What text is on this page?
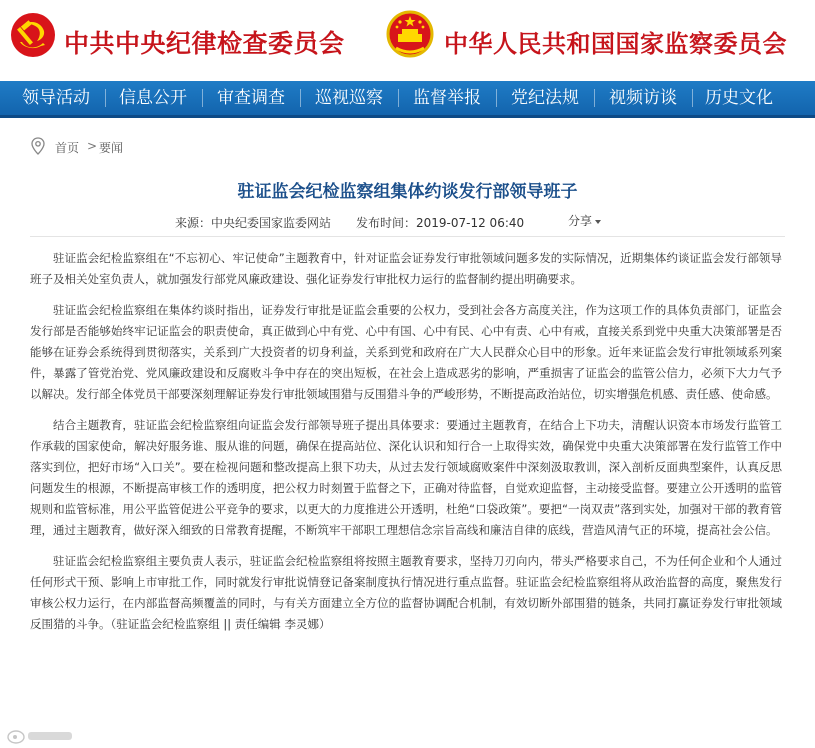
中共中央纪律检查委员会	中华人民共和国国家监察委员会
领导活动 信息公开 审查调查 巡视巡察 监督举报 党纪法规 视频访谈 历史文化
首页 > 要闻
驻证监会纪检监察组集体约谈发行部领导班子
来源：中央纪委国家监委网站 发布时间：2019-07-12 06:40	分享

驻证监会纪检监察组在“不忘初心、牢记使命”主题教育中，针对证监会证券发行审批领域问题多发的实际情况，近期集体约谈证监会发行部领导班子及相关处室负责人，就加强发行部党风廉政建设、强化证券发行审批权力运行的监督制约提出明确要求。

驻证监会纪检监察组在集体约谈时指出，证券发行审批是证监会重要的公权力，受到社会各方高度关注，作为这项工作的具体负责部门，证监会发行部是否能够始终牢记证监会的职责使命，真正做到心中有党、心中有国、心中有民、心中有责、心中有戒，直接关系到党中央重大决策部署是否能够在证券会系统得到贯彻落实，关系到广大投资者的切身利益，关系到党和政府在广大人民群众心目中的形象。近年来证监会发行审批领域系列案件，暴露了管党治党、党风廉政建设和反腐败斗争中存在的突出短板，在社会上造成恶劣的影响，严重损害了证监会的监管公信力，必须下大力气予以解决。发行部全体党员干部要深刻理解证券发行审批领域围猎与反围猎斗争的严峻形势，不断提高政治站位，切实增强危机感、责任感、使命感。

结合主题教育，驻证监会纪检监察组向证监会发行部领导班子提出具体要求：要通过主题教育，在结合上下功夫，清醒认识资本市场发行监管工作承载的国家使命，解决好服务谁、服从谁的问题，确保在提高站位、深化认识和知行合一上取得实效，确保党中央重大决策部署在发行监管工作中落实到位，把好市场“入口关”。要在检视问题和整改提高上狠下功夫，从过去发行领域腐败案件中深刻汲取教训，深入剖析反面典型案件，认真反思问题发生的根源，不断提高审核工作的透明度，把公权力时刻置于监督之下，正确对待监督，自觉欢迎监督，主动接受监督。要建立公开透明的监管规则和监管标准，用公平监管促进公平竞争的要求，以更大的力度推进公开透明，杜绝“口袋政策”。要把“一岗双责”落到实处，加强对干部的教育管理，通过主题教育，做好深入细致的日常教育提醒，不断筑牢干部职工理想信念宗旨高线和廉洁自律的底线，营造风清气正的环境，提高社会公信。

驻证监会纪检监察组主要负责人表示，驻证监会纪检监察组将按照主题教育要求，坚持刀刃向内，带头严格要求自己，不为任何企业和个人通过任何形式干预、影响上市审批工作，同时就发行审批说情登记备案制度执行情况进行重点监督。驻证监会纪检监察组将从政治监督的高度，聚焦发行审核公权力运行，在内部监督高频覆盖的同时，与有关方面建立全方位的监督协调配合机制，有效切断外部围猎的链条，共同打赢证券发行审批领域反围猎的斗争。（驻证监会纪检监察组 || 责任编辑 李灵娜）
